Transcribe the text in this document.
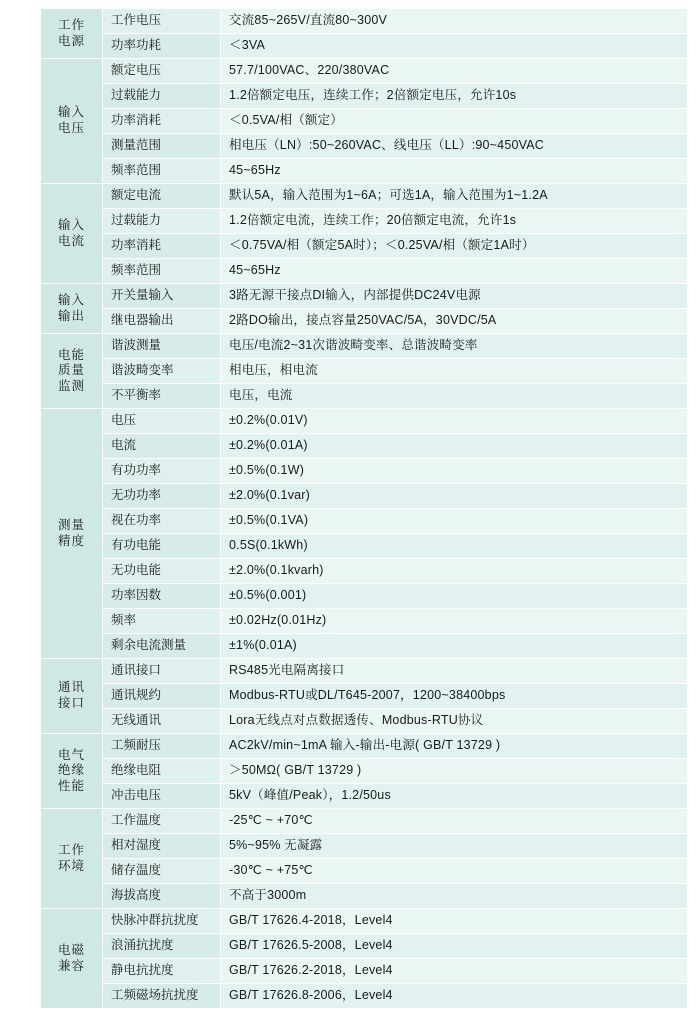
工作
电源	工作电压	交流85~265V/直流80~300V
	功率功耗	＜3VA

输入
电压	额定电压	57.7/100VAC、220/380VAC
	过载能力	1.2倍额定电压，连续工作；2倍额定电压，允许10s
	功率消耗	＜0.5VA/相（额定）
	测量范围	相电压（LN）:50~260VAC、线电压（LL）:90~450VAC
	频率范围	45~65Hz

输入
电流	额定电流	默认5A，输入范围为1~6A；可选1A，输入范围为1~1.2A
	过载能力	1.2倍额定电流，连续工作；20倍额定电流，允许1s
	功率消耗	＜0.75VA/相（额定5A时）；＜0.25VA/相（额定1A时）
	频率范围	45~65Hz

输入
输出	开关量输入	3路无源干接点DI输入，内部提供DC24V电源
	继电器输出	2路DO输出，接点容量250VAC/5A，30VDC/5A

电能
质量
监测	谐波测量	电压/电流2~31次谐波畸变率、总谐波畸变率
	谐波畸变率	相电压，相电流
	不平衡率	电压，电流

测量
精度	电压	±0.2%(0.01V)
	电流	±0.2%(0.01A)
	有功功率	±0.5%(0.1W)
	无功功率	±2.0%(0.1var)
	视在功率	±0.5%(0.1VA)
	有功电能	0.5S(0.1kWh)
	无功电能	±2.0%(0.1kvarh)
	功率因数	±0.5%(0.001)
	频率	±0.02Hz(0.01Hz)
	剩余电流测量	±1%(0.01A)

通讯
接口	通讯接口	RS485光电隔离接口
	通讯规约	Modbus-RTU或DL/T645-2007，1200~38400bps
	无线通讯	Lora无线点对点数据透传、Modbus-RTU协议

电气
绝缘
性能	工频耐压	AC2kV/min~1mA 输入-输出-电源( GB/T 13729 )
	绝缘电阻	＞50MΩ( GB/T 13729 )
	冲击电压	5kV（峰值/Peak），1.2/50us

工作
环境	工作温度	-25℃ ~ +70℃
	相对湿度	5%~95% 无凝露
	储存温度	-30℃ ~ +75℃
	海拔高度	不高于3000m

电磁
兼容	快脉冲群抗扰度	GB/T 17626.4-2018，Level4
	浪涌抗扰度	GB/T 17626.5-2008，Level4
	静电抗扰度	GB/T 17626.2-2018，Level4
	工频磁场抗扰度	GB/T 17626.8-2006，Level4
